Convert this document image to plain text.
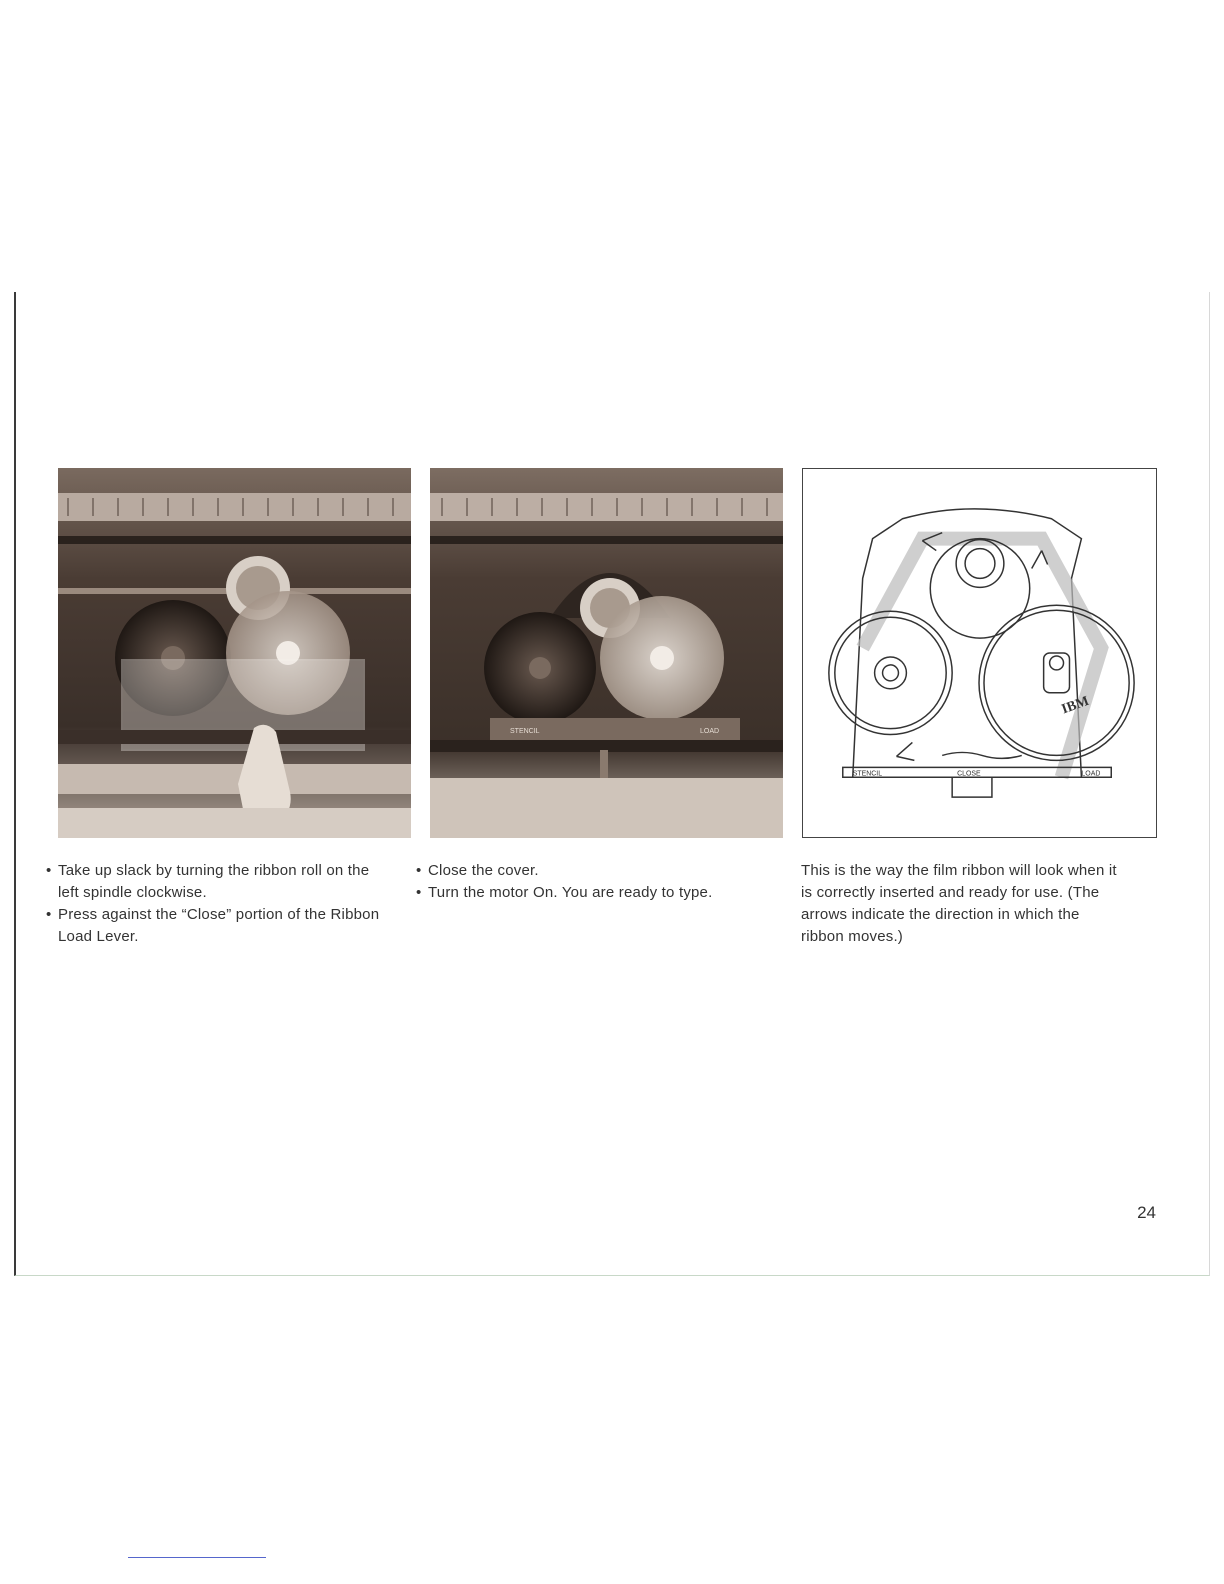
STENCIL	LOAD
IBM
STENCIL	CLOSE	LOAD
• Take up slack by turning the ribbon roll on the left spindle clockwise.
• Press against the “Close” portion of the Ribbon Load Lever.
• Close the cover.
• Turn the motor On. You are ready to type.

This is the way the film ribbon will look when it is correctly inserted and ready for use. (The arrows indicate the direction in which the ribbon moves.)

24
